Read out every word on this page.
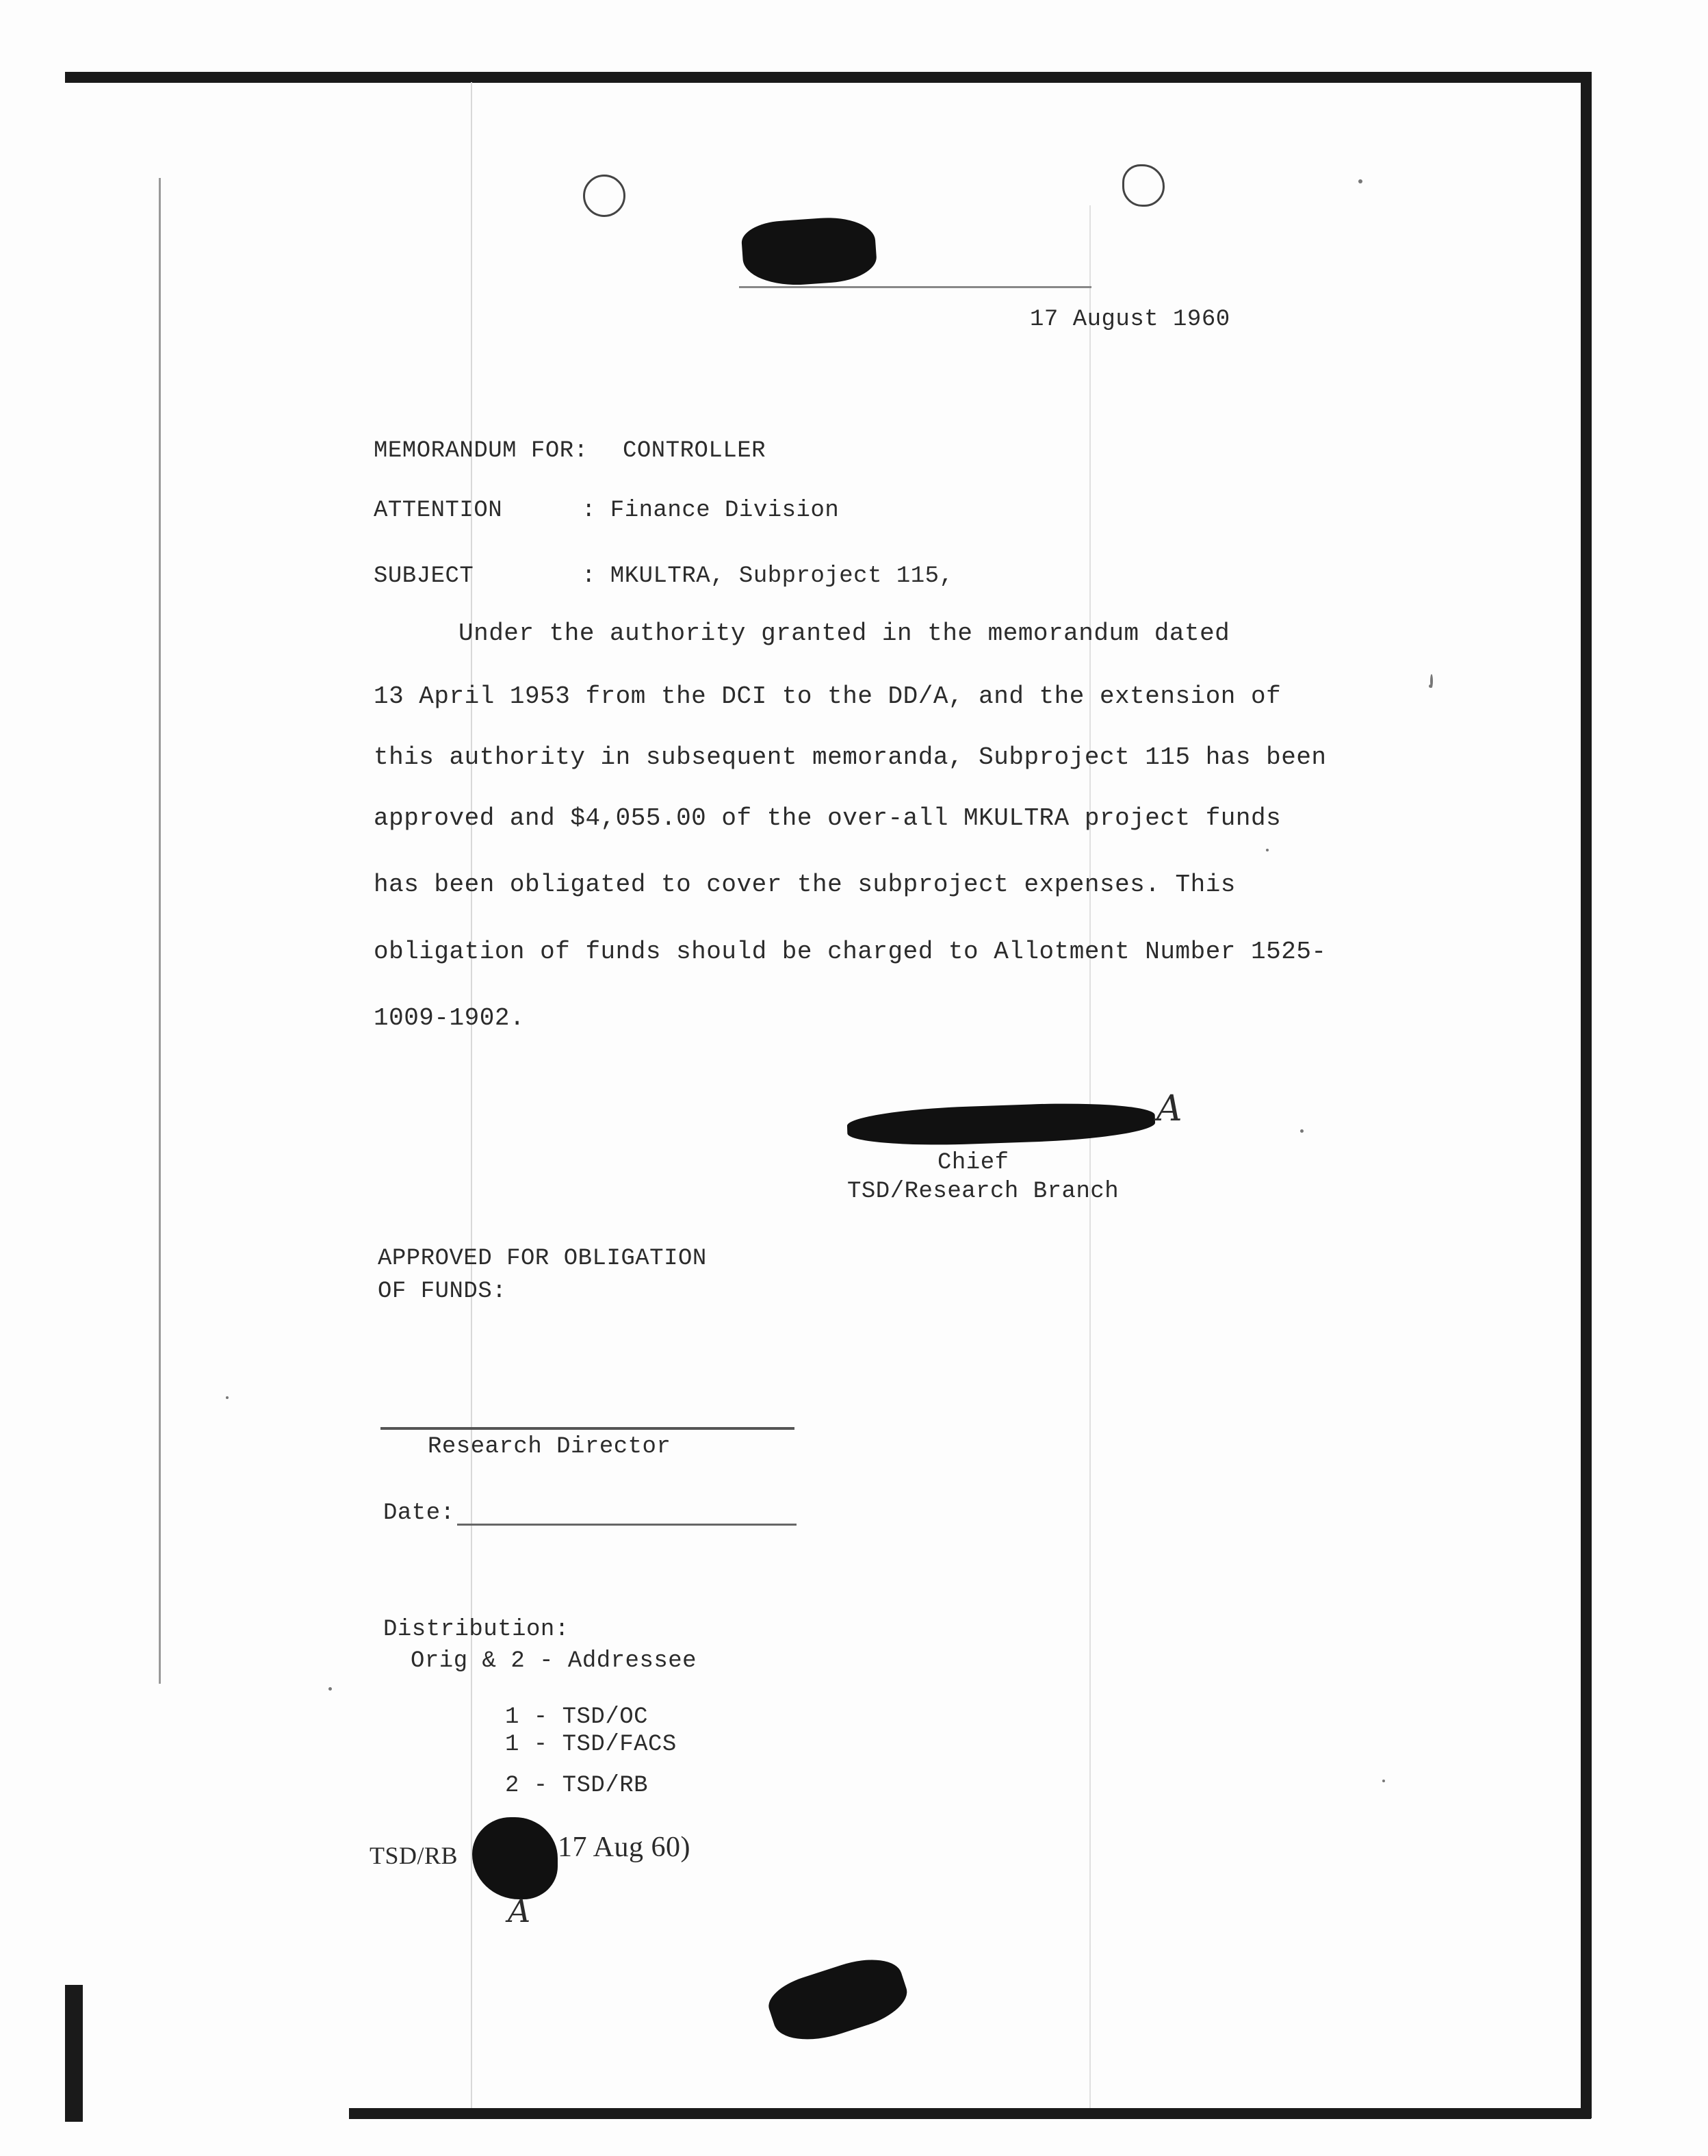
17 August 1960
MEMORANDUM FOR: CONTROLLER
ATTENTION	: Finance Division
SUBJECT	: MKULTRA, Subproject 115,
Under the authority granted in the memorandum dated
13 April 1953 from the DCI to the DD/A, and the extension of
this authority in subsequent memoranda, Subproject 115 has been
approved and $4,055.00 of the over-all MKULTRA project funds
has been obligated to cover the subproject expenses. This
obligation of funds should be charged to Allotment Number 1525-
1009-1902.
A
Chief
TSD/Research Branch
APPROVED FOR OBLIGATION
OF FUNDS:
Research Director
Date:
Distribution:
Orig & 2 - Addressee
1 - TSD/OC
1 - TSD/FACS
2 - TSD/RB
TSD/RB	17 Aug 60)
A
